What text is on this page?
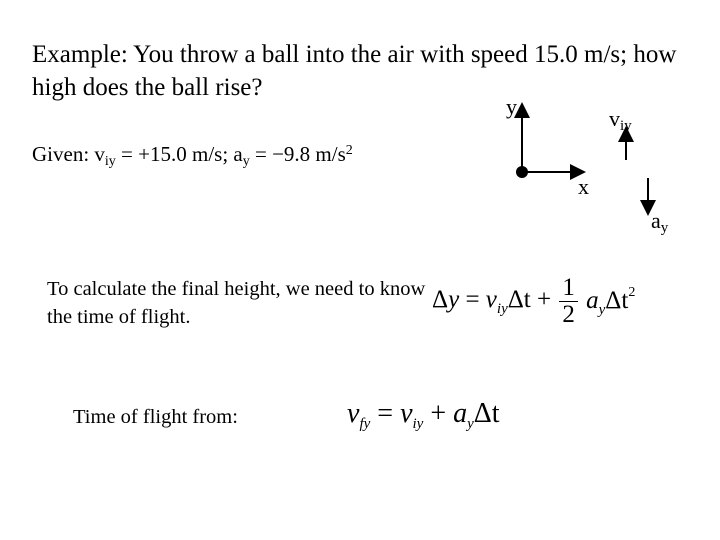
Example: You throw a ball into the air with speed 15.0 m/s; how high does the ball rise?
Given: $v_{iy} = +15.0$ m/s; $a_y = -9.8$ $m/s^2$
y
x
$v_{iy}$
$a_y$
To calculate the final height, we need to know the time of flight.
$\Delta y = v_{iy}\Delta t + \frac{1}{2} a_y\Delta t^2$
Time of flight from:	$v_{fy} = v_{iy} + a_y\Delta t$
